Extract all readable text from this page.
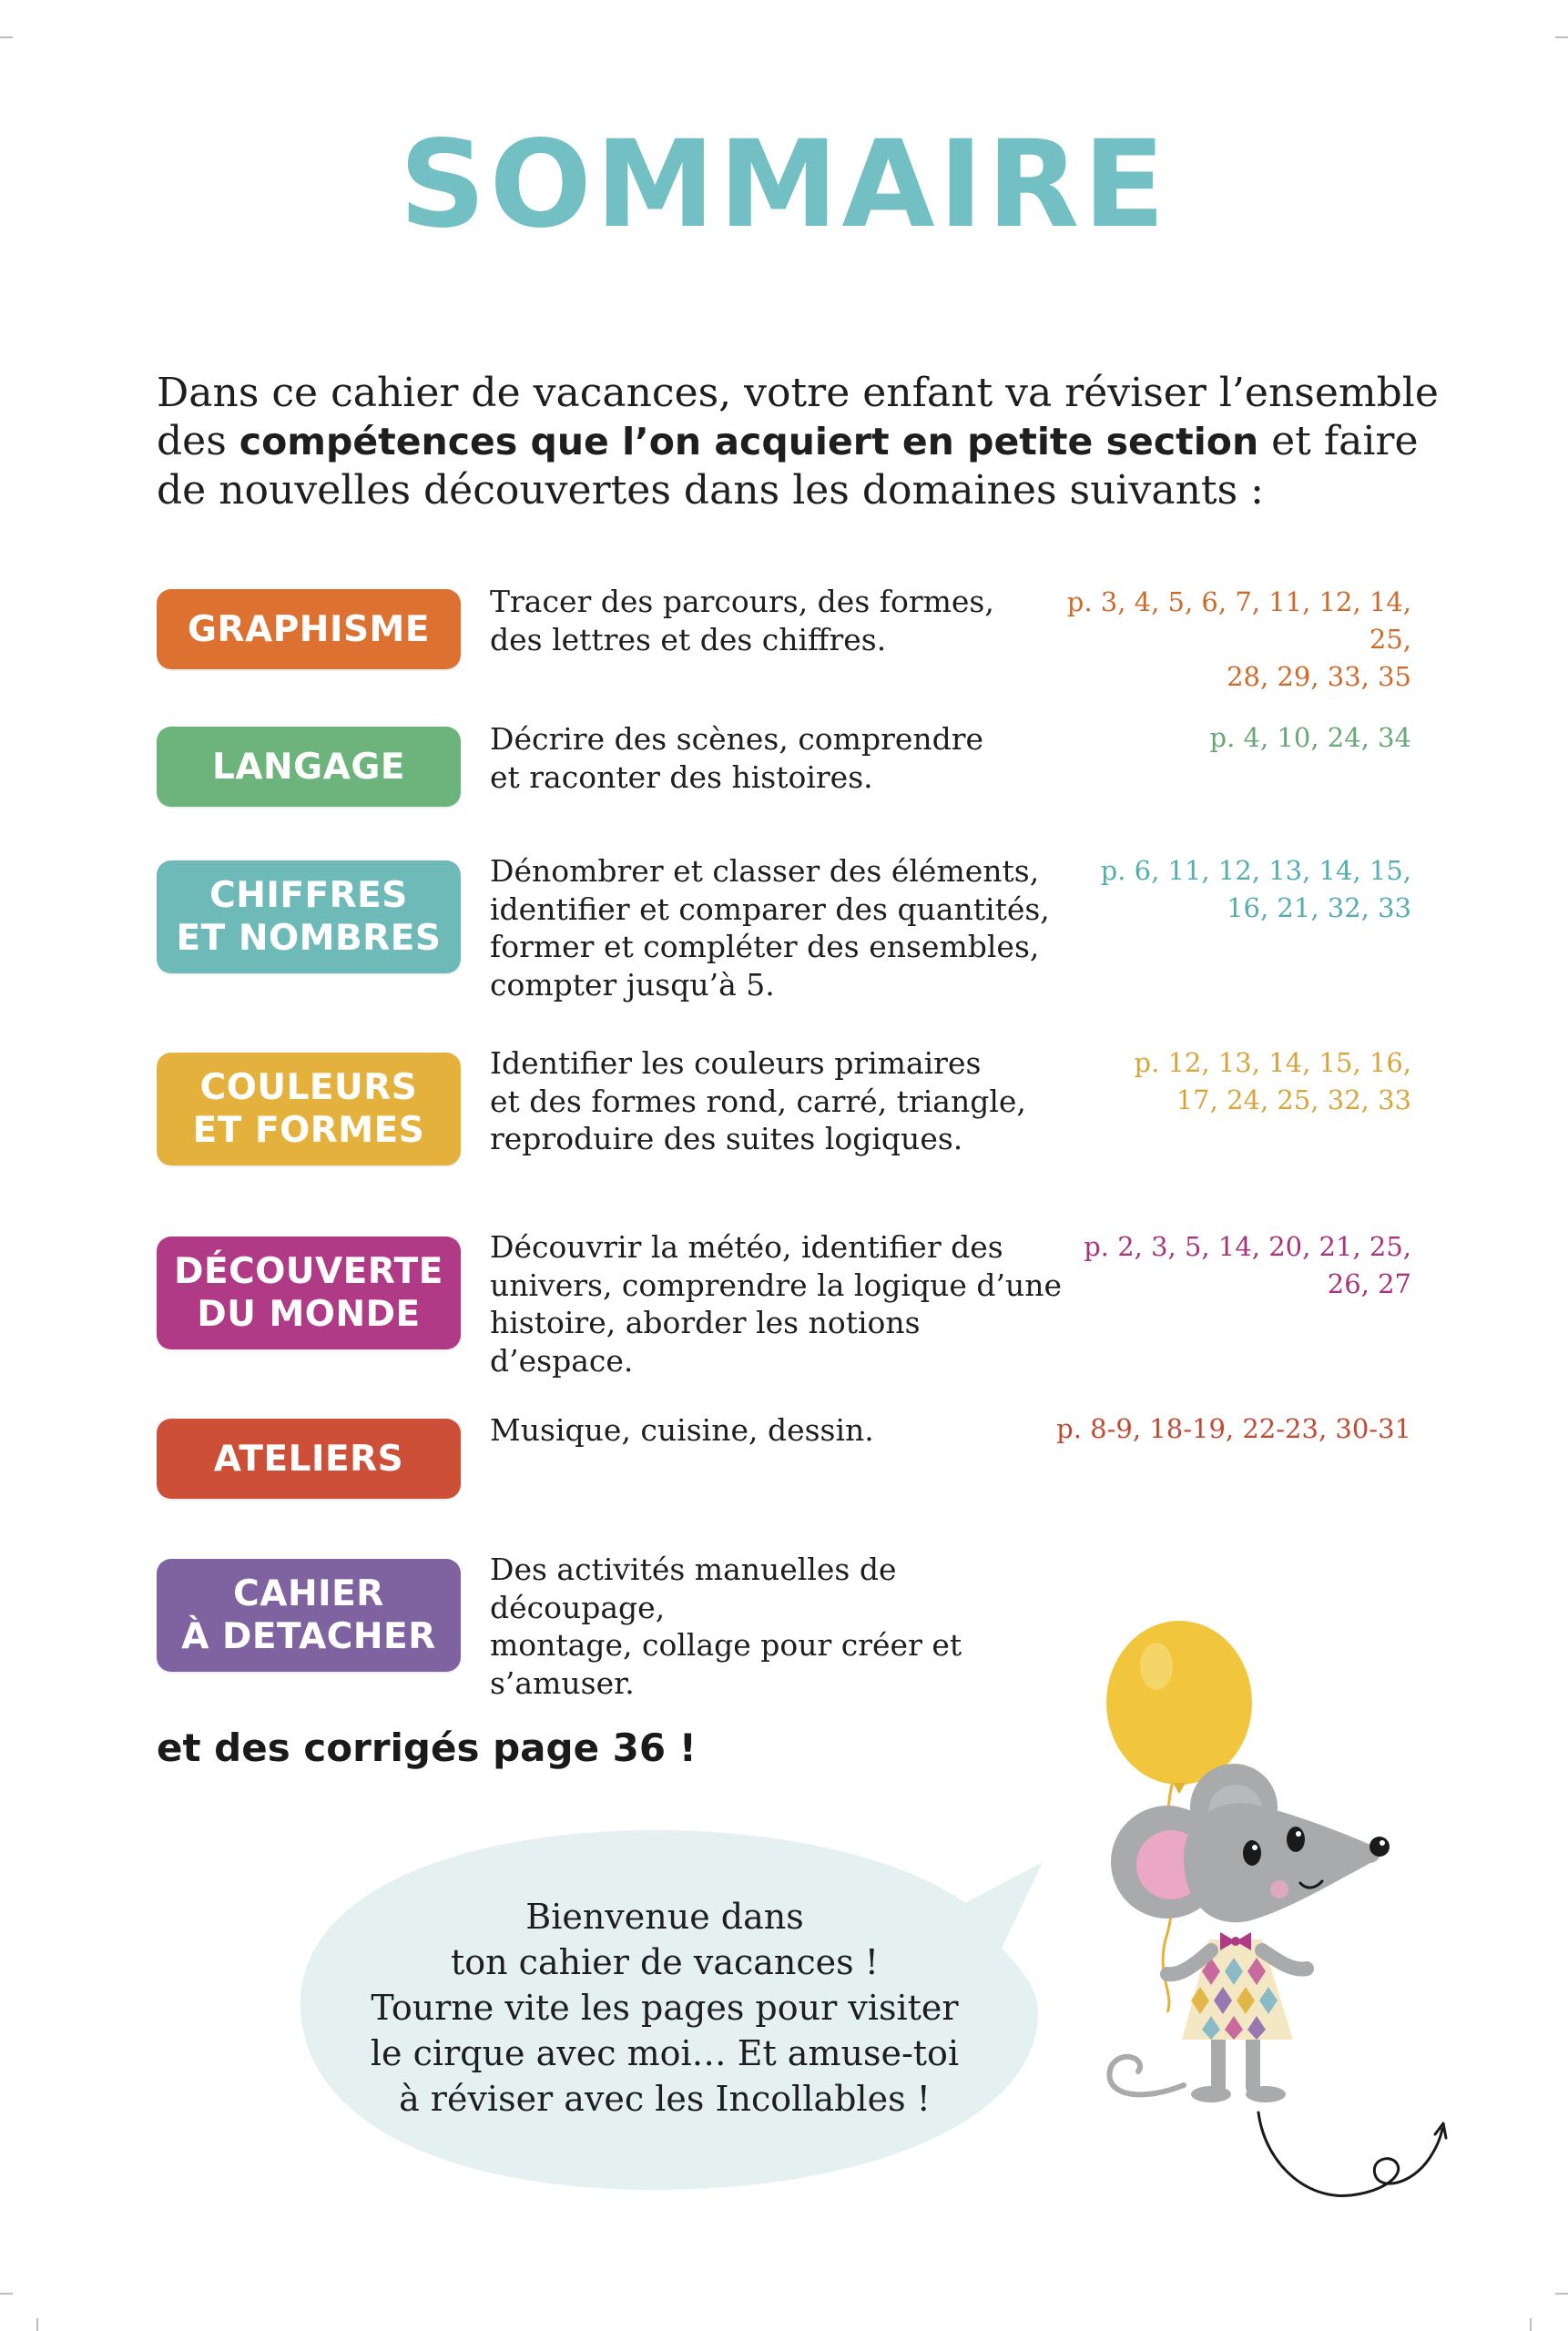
SOMMAIRE
Dans ce cahier de vacances, votre enfant va réviser l’ensemble
des compétences que l’on acquiert en petite section et faire
de nouvelles découvertes dans les domaines suivants :
GRAPHISME
Tracer des parcours, des formes,
des lettres et des chiffres.
p. 3, 4, 5, 6, 7, 11, 12, 14, 25,
28, 29, 33, 35
LANGAGE
Décrire des scènes, comprendre
et raconter des histoires.
p. 4, 10, 24, 34
CHIFFRES
ET NOMBRES
Dénombrer et classer des éléments,
identifier et comparer des quantités,
former et compléter des ensembles,
compter jusqu’à 5.
p. 6, 11, 12, 13, 14, 15,
16, 21, 32, 33
COULEURS
ET FORMES
Identifier les couleurs primaires
et des formes rond, carré, triangle,
reproduire des suites logiques.
p. 12, 13, 14, 15, 16,
17, 24, 25, 32, 33
DÉCOUVERTE
DU MONDE
Découvrir la météo, identifier des
univers, comprendre la logique d’une
histoire, aborder les notions d’espace.
p. 2, 3, 5, 14, 20, 21, 25,
26, 27
ATELIERS
Musique, cuisine, dessin.	p. 8-9, 18-19, 22-23, 30-31
CAHIER
À DETACHER
Des activités manuelles de découpage,
montage, collage pour créer et s’amuser.
et des corrigés page 36 !
Bienvenue dans
ton cahier de vacances !
Tourne vite les pages pour visiter
le cirque avec moi… Et amuse-toi
à réviser avec les Incollables !
